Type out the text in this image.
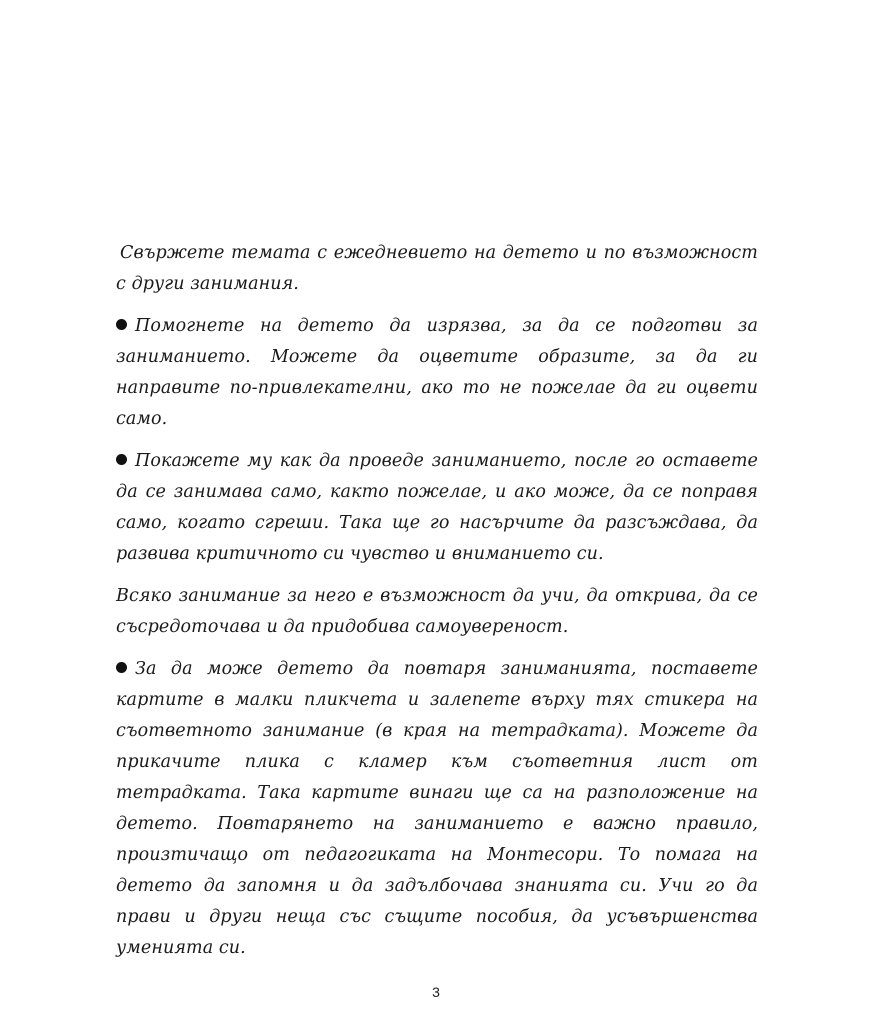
Свържете темата с ежедневието на детето и по възможност с други занимания.

Помогнете на детето да изрязва, за да се подготви за заниманието. Можете да оцветите образите, за да ги направите по-привлекателни, ако то не пожелае да ги оцвети само.

Покажете му как да проведе заниманието, после го оставете да се занимава само, както пожелае, и ако може, да се поправя само, когато сгреши. Така ще го насърчите да разсъждава, да развива критичното си чувство и вниманието си.

Всяко занимание за него е възможност да учи, да открива, да се съсредоточава и да придобива самоувереност.

За да може детето да повтаря заниманията, поставете картите в малки пликчета и залепете върху тях стикера на съответното занимание (в края на тетрадката). Можете да прикачите плика с кламер към съответния лист от тетрадката. Така картите винаги ще са на разположение на детето. Повтарянето на заниманието е важно правило, произтичащо от педагогиката на Монтесори. То помага на детето да запомня и да задълбочава знанията си. Учи го да прави и други неща със същите пособия, да усъвършенства уменията си.

3
